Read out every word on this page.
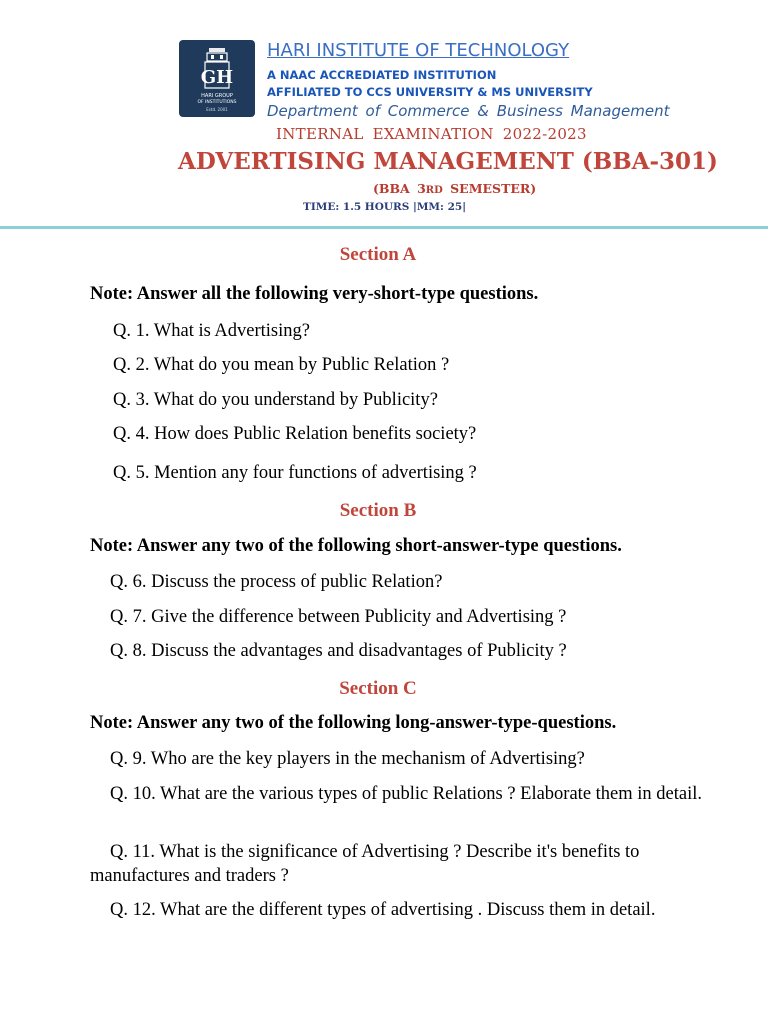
GH
HARI GROUP
OF INSTITUTIONS
Estd. 2001
HARI INSTITUTE OF TECHNOLOGY
A NAAC ACCREDIATED INSTITUTION
AFFILIATED TO CCS UNIVERSITY & MS UNIVERSITY
Department of Commerce & Business Management
INTERNAL EXAMINATION 2022-2023
ADVERTISING MANAGEMENT (BBA-301)
(BBA 3RD SEMESTER)
TIME: 1.5 HOURS |MM: 25|
Section A
Note: Answer all the following very-short-type questions.
Q. 1. What is Advertising?
Q. 2. What do you mean by Public Relation ?
Q. 3. What do you understand by Publicity?
Q. 4. How does Public Relation benefits society?
Q. 5. Mention any four functions of advertising ?
Section B
Note: Answer any two of the following short-answer-type questions.
Q. 6. Discuss the process of public Relation?
Q. 7. Give the difference between Publicity and Advertising ?
Q. 8. Discuss the advantages and disadvantages of Publicity ?
Section C
Note: Answer any two of the following long-answer-type-questions.
Q. 9. Who are the key players in the mechanism of Advertising?
Q. 10. What are the various types of public Relations ? Elaborate them in detail.
Q. 11. What is the significance of Advertising ? Describe it's benefits to manufactures and traders ?
Q. 12. What are the different types of advertising . Discuss them in detail.
